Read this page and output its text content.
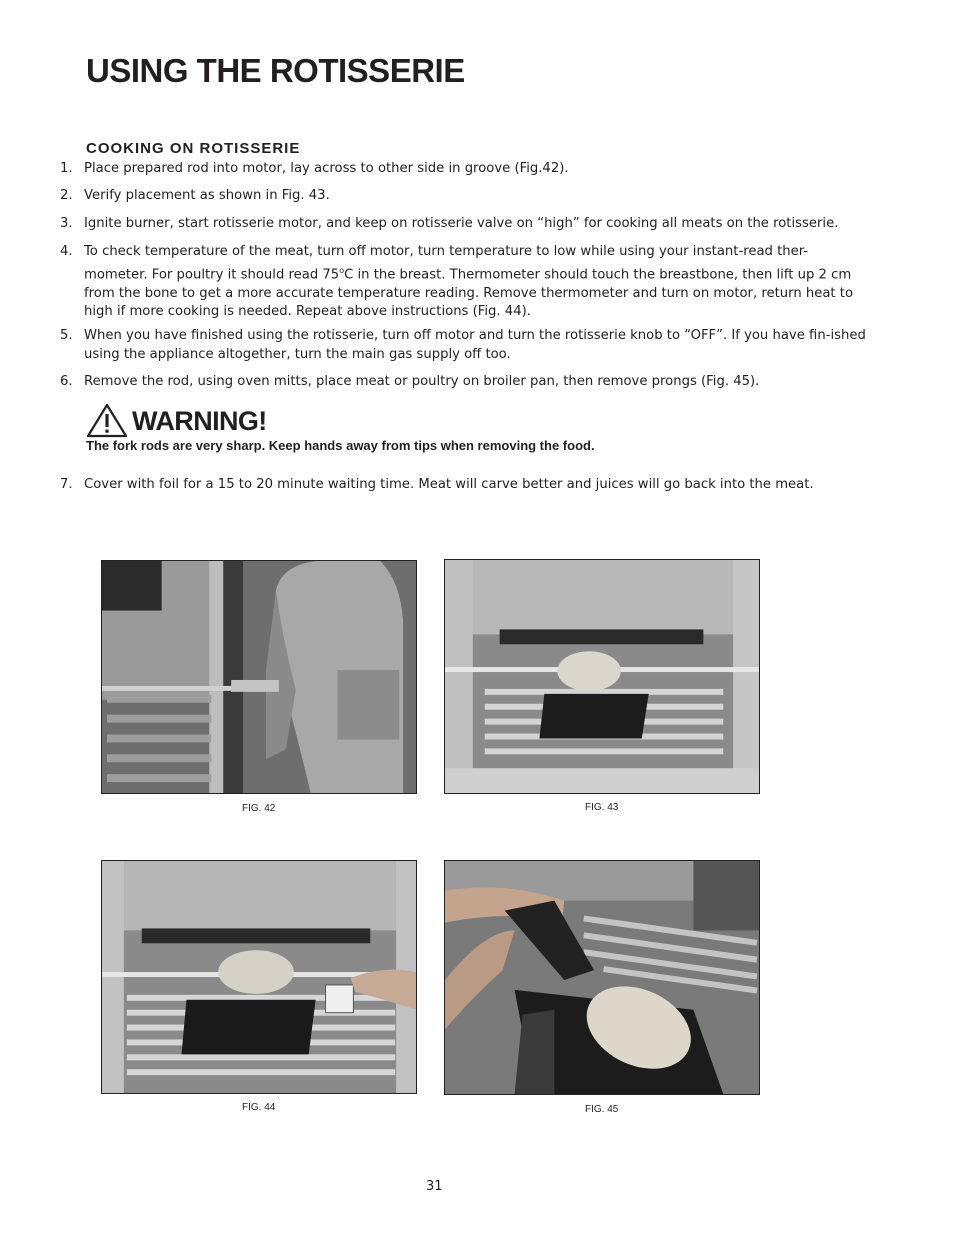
USING THE ROTISSERIE
COOKING ON ROTISSERIE
1. Place prepared rod into motor, lay across to other side in groove (Fig.42).
2. Verify placement as shown in Fig. 43.
3. Ignite burner, start rotisserie motor, and keep on rotisserie valve on “high” for cooking all meats on the rotisserie.
4. To check temperature of the meat, turn off motor, turn temperature to low while using your instant-read ther-mometer. For poultry it should read 75$^o$C in the breast. Thermometer should touch the breastbone, then lift up 2 cm from the bone to get a more accurate temperature reading. Remove thermometer and turn on motor, return heat to high if more cooking is needed. Repeat above instructions (Fig. 44).
5. When you have finished using the rotisserie, turn off motor and turn the rotisserie knob to “OFF”. If you have fin-ished using the appliance altogether, turn the main gas supply off too.
6. Remove the rod, using oven mitts, place meat or poultry on broiler pan, then remove prongs (Fig. 45).
WARNING!
The fork rods are very sharp. Keep hands away from tips when removing the food.
7. Cover with foil for a 15 to 20 minute waiting time. Meat will carve better and juices will go back into the meat.
FIG. 42	FIG. 43
FIG. 44	FIG. 45
31
